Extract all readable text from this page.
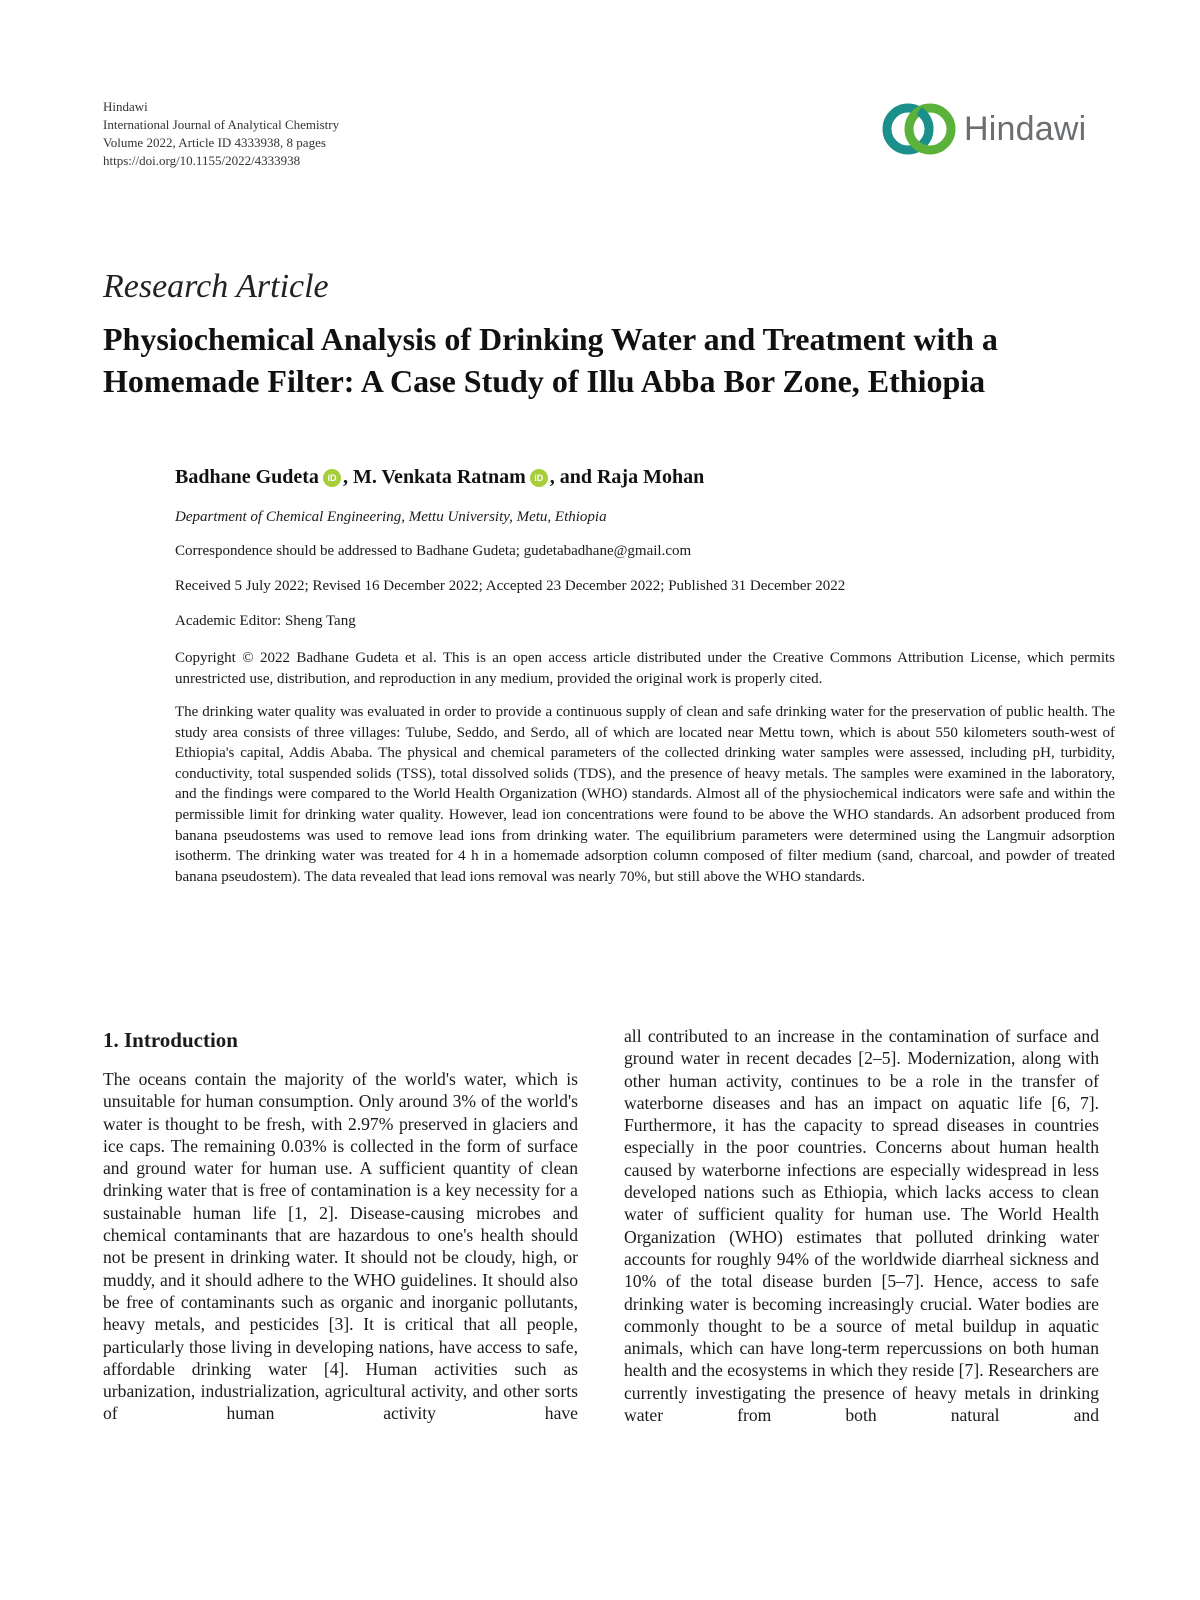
Hindawi
International Journal of Analytical Chemistry
Volume 2022, Article ID 4333938, 8 pages
https://doi.org/10.1155/2022/4333938
Hindawi
Research Article
Physiochemical Analysis of Drinking Water and Treatment with a Homemade Filter: A Case Study of Illu Abba Bor Zone, Ethiopia
Badhane Gudeta iD , M. Venkata Ratnam iD , and Raja Mohan
Department of Chemical Engineering, Mettu University, Metu, Ethiopia
Correspondence should be addressed to Badhane Gudeta; gudetabadhane@gmail.com
Received 5 July 2022; Revised 16 December 2022; Accepted 23 December 2022; Published 31 December 2022
Academic Editor: Sheng Tang
Copyright © 2022 Badhane Gudeta et al. This is an open access article distributed under the Creative Commons Attribution License, which permits unrestricted use, distribution, and reproduction in any medium, provided the original work is properly cited.
The drinking water quality was evaluated in order to provide a continuous supply of clean and safe drinking water for the preservation of public health. The study area consists of three villages: Tulube, Seddo, and Serdo, all of which are located near Mettu town, which is about 550 kilometers south-west of Ethiopia's capital, Addis Ababa. The physical and chemical parameters of the collected drinking water samples were assessed, including pH, turbidity, conductivity, total suspended solids (TSS), total dissolved solids (TDS), and the presence of heavy metals. The samples were examined in the laboratory, and the findings were compared to the World Health Organization (WHO) standards. Almost all of the physiochemical indicators were safe and within the permissible limit for drinking water quality. However, lead ion concentrations were found to be above the WHO standards. An adsorbent produced from banana pseudostems was used to remove lead ions from drinking water. The equilibrium parameters were determined using the Langmuir adsorption isotherm. The drinking water was treated for 4 h in a homemade adsorption column composed of filter medium (sand, charcoal, and powder of treated banana pseudostem). The data revealed that lead ions removal was nearly 70%, but still above the WHO standards.
1. Introduction
The oceans contain the majority of the world's water, which is unsuitable for human consumption. Only around 3% of the world's water is thought to be fresh, with 2.97% preserved in glaciers and ice caps. The remaining 0.03% is collected in the form of surface and ground water for human use. A sufficient quantity of clean drinking water that is free of contamination is a key necessity for a sustainable human life [1, 2]. Disease-causing microbes and chemical contaminants that are hazardous to one's health should not be present in drinking water. It should not be cloudy, high, or muddy, and it should adhere to the WHO guidelines. It should also be free of contaminants such as organic and inorganic pollutants, heavy metals, and pesticides [3]. It is critical that all people, particularly those living in developing nations, have access to safe, affordable drinking water [4]. Human activities such as urbanization, industrialization, agricultural activity, and other sorts of human activity have
all contributed to an increase in the contamination of surface and ground water in recent decades [2–5]. Modernization, along with other human activity, continues to be a role in the transfer of waterborne diseases and has an impact on aquatic life [6, 7]. Furthermore, it has the capacity to spread diseases in countries especially in the poor countries. Concerns about human health caused by waterborne infections are especially widespread in less developed nations such as Ethiopia, which lacks access to clean water of sufficient quality for human use. The World Health Organization (WHO) estimates that polluted drinking water accounts for roughly 94% of the worldwide diarrheal sickness and 10% of the total disease burden [5–7]. Hence, access to safe drinking water is becoming increasingly crucial. Water bodies are commonly thought to be a source of metal buildup in aquatic animals, which can have long-term repercussions on both human health and the ecosystems in which they reside [7]. Researchers are currently investigating the presence of heavy metals in drinking water from both natural and
